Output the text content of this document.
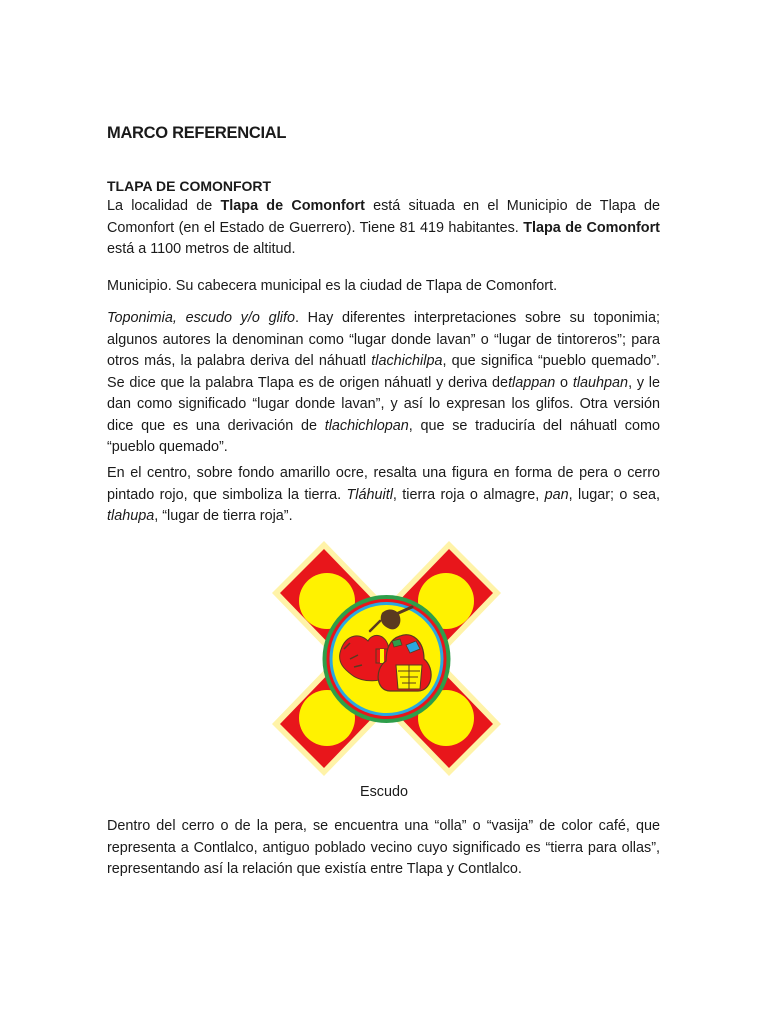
MARCO REFERENCIAL
TLAPA DE COMONFORT

La localidad de Tlapa de Comonfort está situada en el Municipio de Tlapa de Comonfort (en el Estado de Guerrero). Tiene 81 419 habitantes. Tlapa de Comonfort está a 1100 metros de altitud.

Municipio. Su cabecera municipal es la ciudad de Tlapa de Comonfort.

Toponimia, escudo y/o glifo. Hay diferentes interpretaciones sobre su toponimia; algunos autores la denominan como “lugar donde lavan” o “lugar de tintoreros”; para otros más, la palabra deriva del náhuatl tlachichilpa, que significa “pueblo quemado”. Se dice que la palabra Tlapa es de origen náhuatl y deriva detlappan o tlauhpan, y le dan como significado “lugar donde lavan”, y así lo expresan los glifos. Otra versión dice que es una derivación de tlachichlopan, que se traduciría del náhuatl como “pueblo quemado”.

En el centro, sobre fondo amarillo ocre, resalta una figura en forma de pera o cerro pintado rojo, que simboliza la tierra. Tláhuitl, tierra roja o almagre, pan, lugar; o sea, tlahupa, “lugar de tierra roja”.

Dentro del cerro o de la pera, se encuentra una “olla” o “vasija” de color café, que representa a Contlalco, antiguo poblado vecino cuyo significado es “tierra para ollas”, representando así la relación que existía entre Tlapa y Contlalco.

Escudo
